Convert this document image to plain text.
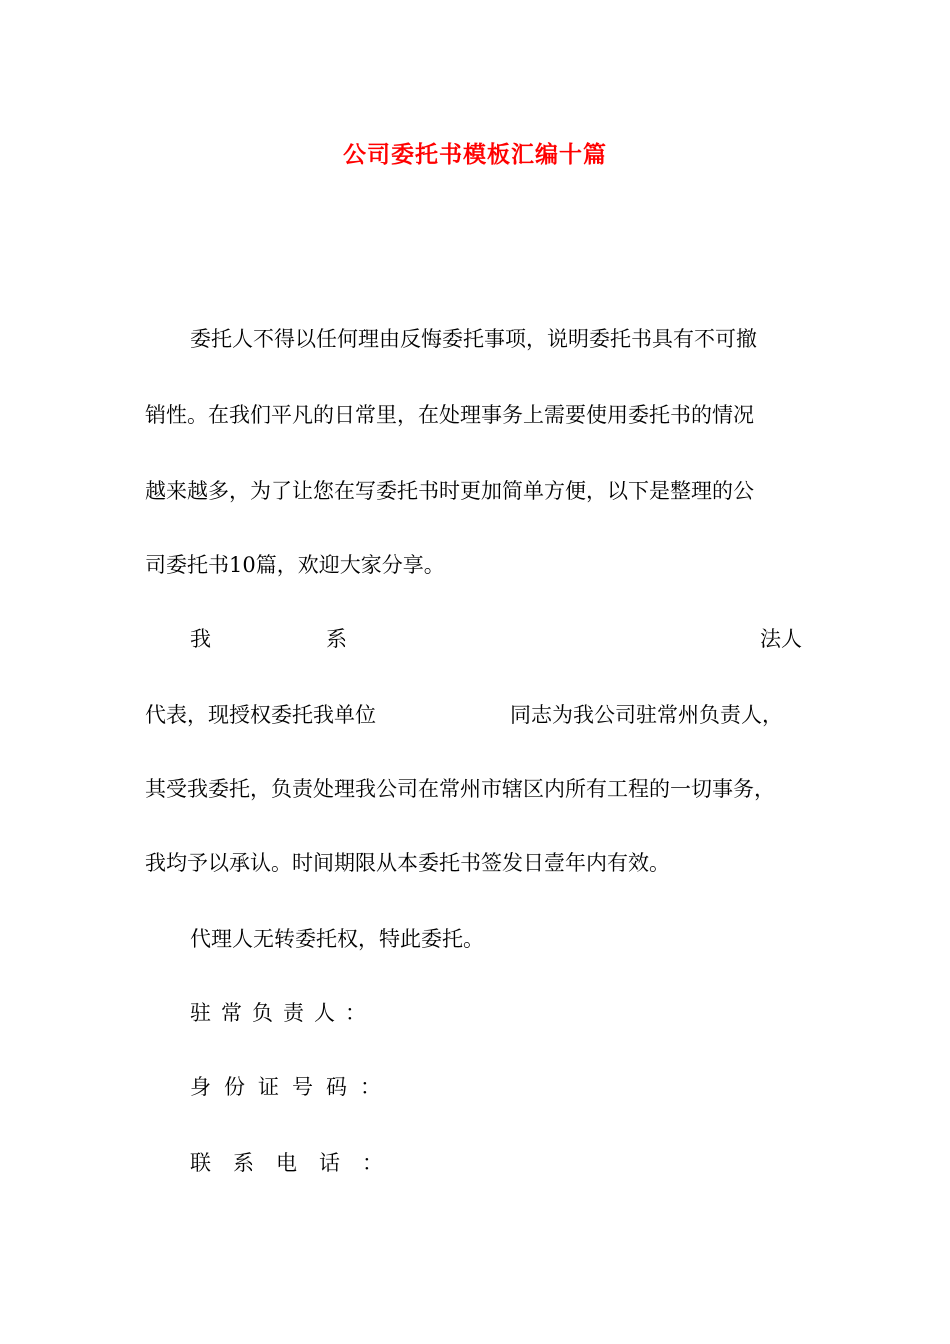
公司委托书模板汇编十篇
委托人不得以任何理由反悔委托事项，说明委托书具有不可撤
销性。在我们平凡的日常里，在处理事务上需要使用委托书的情况
越来越多，为了让您在写委托书时更加简单方便，以下是整理的公
司委托书10篇，欢迎大家分享。
我	系	法人
代表，现授权委托我单位	同志为我公司驻常州负责人，
其受我委托，负责处理我公司在常州市辖区内所有工程的一切事务，
我均予以承认。时间期限从本委托书签发日壹年内有效。
代理人无转委托权，特此委托。
驻常负责人：
身份证号码：
联系电话：
